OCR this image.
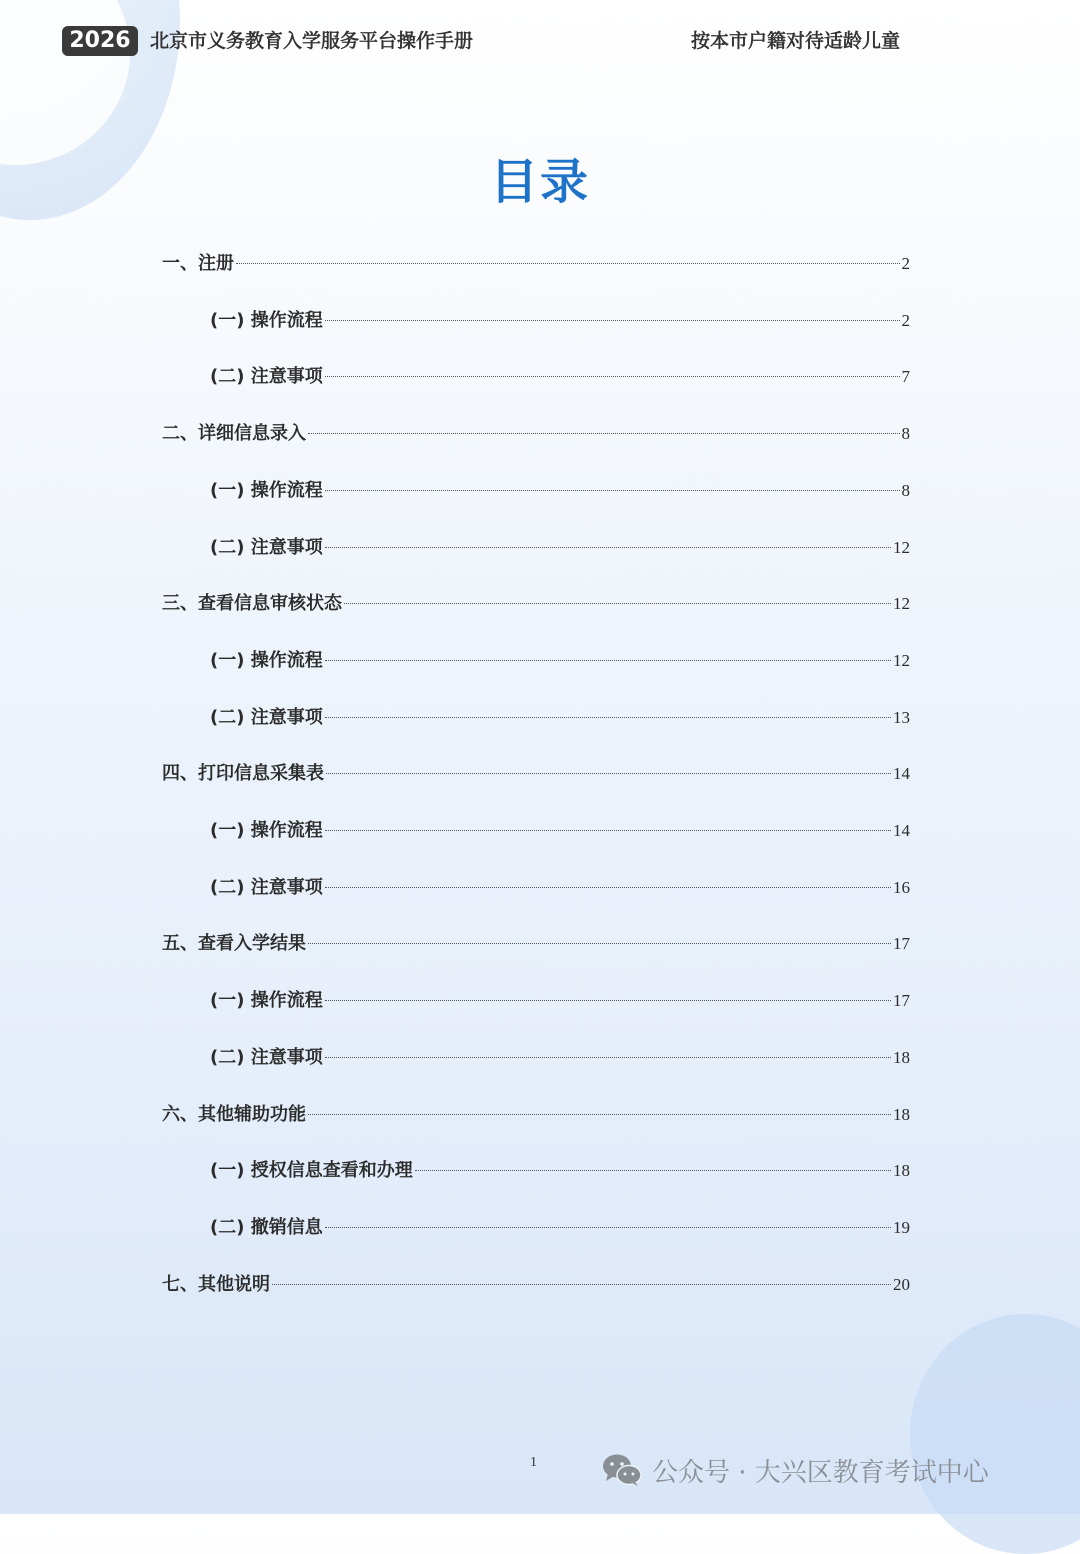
2026	北京市义务教育入学服务平台操作手册	按本市户籍对待适龄儿童
目录
一、注册	2
(一) 操作流程	2
(二) 注意事项	7
二、详细信息录入	8
(一) 操作流程	8
(二) 注意事项	12
三、查看信息审核状态	12
(一) 操作流程	12
(二) 注意事项	13
四、打印信息采集表	14
(一) 操作流程	14
(二) 注意事项	16
五、查看入学结果	17
(一) 操作流程	17
(二) 注意事项	18
六、其他辅助功能	18
(一) 授权信息查看和办理	18
(二) 撤销信息	19
七、其他说明	20
1	公众号 · 大兴区教育考试中心
